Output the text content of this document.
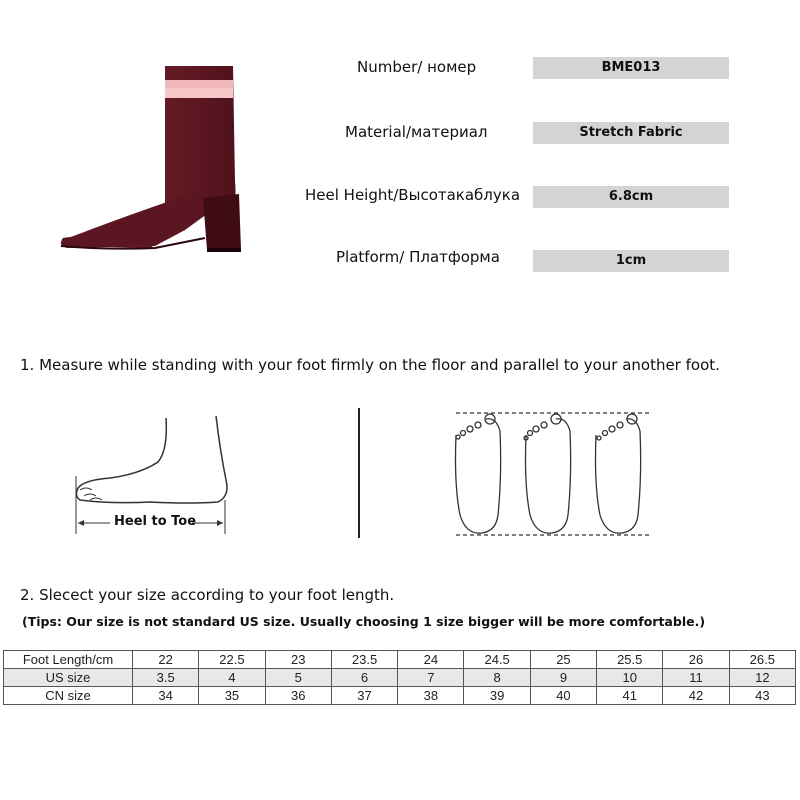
Number/ номер	BME013
Material/материал	Stretch Fabric
Heel Height/Высотакаблука	6.8cm
Platform/ Платформа	1cm
1. Measure while standing with your foot firmly on the floor and parallel to your another foot.
Heel to Toe
2. Slecect your size according to your foot length.
(Tips: Our size is not standard US size. Usually choosing 1 size bigger will be more comfortable.)
Foot Length/cm	22	22.5	23	23.5	24	24.5	25	25.5	26	26.5
US size	3.5	4	5	6	7	8	9	10	11	12
CN size	34	35	36	37	38	39	40	41	42	43
